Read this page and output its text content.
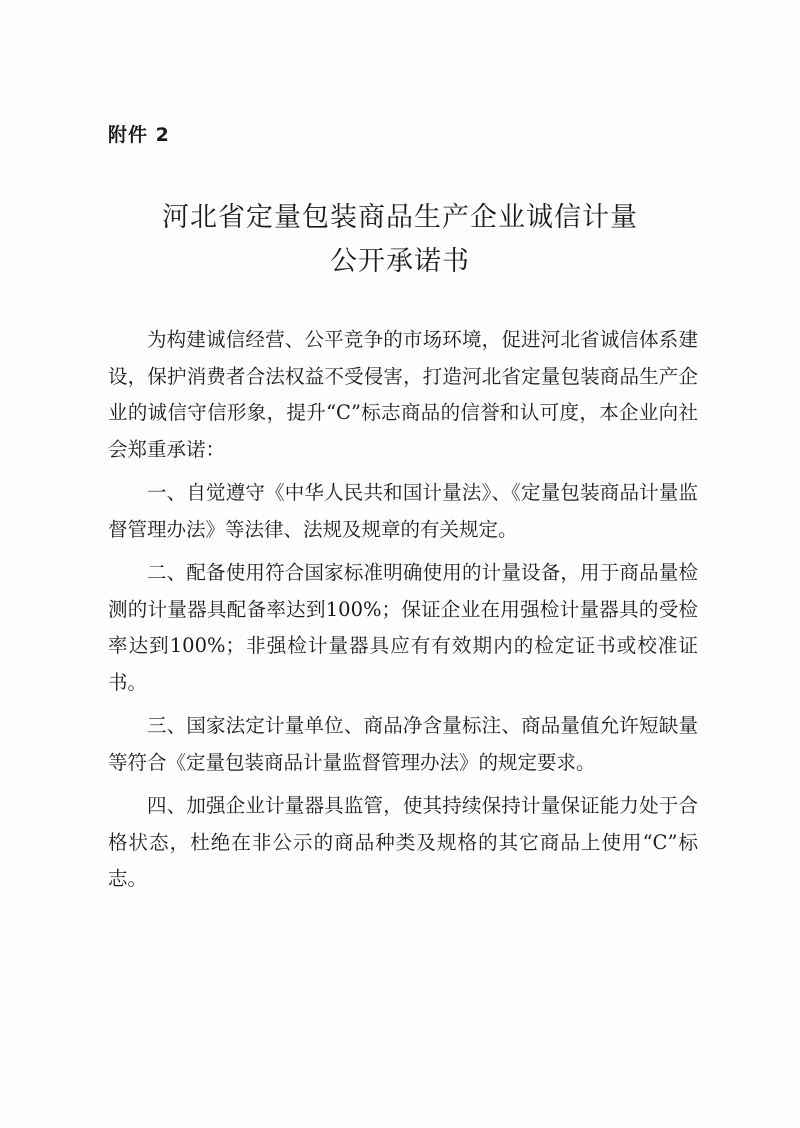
附件 2
河北省定量包装商品生产企业诚信计量
公开承诺书

为构建诚信经营、公平竞争的市场环境，促进河北省诚信体系建设，保护消费者合法权益不受侵害，打造河北省定量包装商品生产企业的诚信守信形象，提升“C”标志商品的信誉和认可度，本企业向社会郑重承诺：

一、自觉遵守《中华人民共和国计量法》、《定量包装商品计量监督管理办法》等法律、法规及规章的有关规定。

二、配备使用符合国家标准明确使用的计量设备，用于商品量检测的计量器具配备率达到100%；保证企业在用强检计量器具的受检率达到100%；非强检计量器具应有有效期内的检定证书或校准证书。

三、国家法定计量单位、商品净含量标注、商品量值允许短缺量等符合《定量包装商品计量监督管理办法》的规定要求。

四、加强企业计量器具监管，使其持续保持计量保证能力处于合格状态，杜绝在非公示的商品种类及规格的其它商品上使用“C”标志。
